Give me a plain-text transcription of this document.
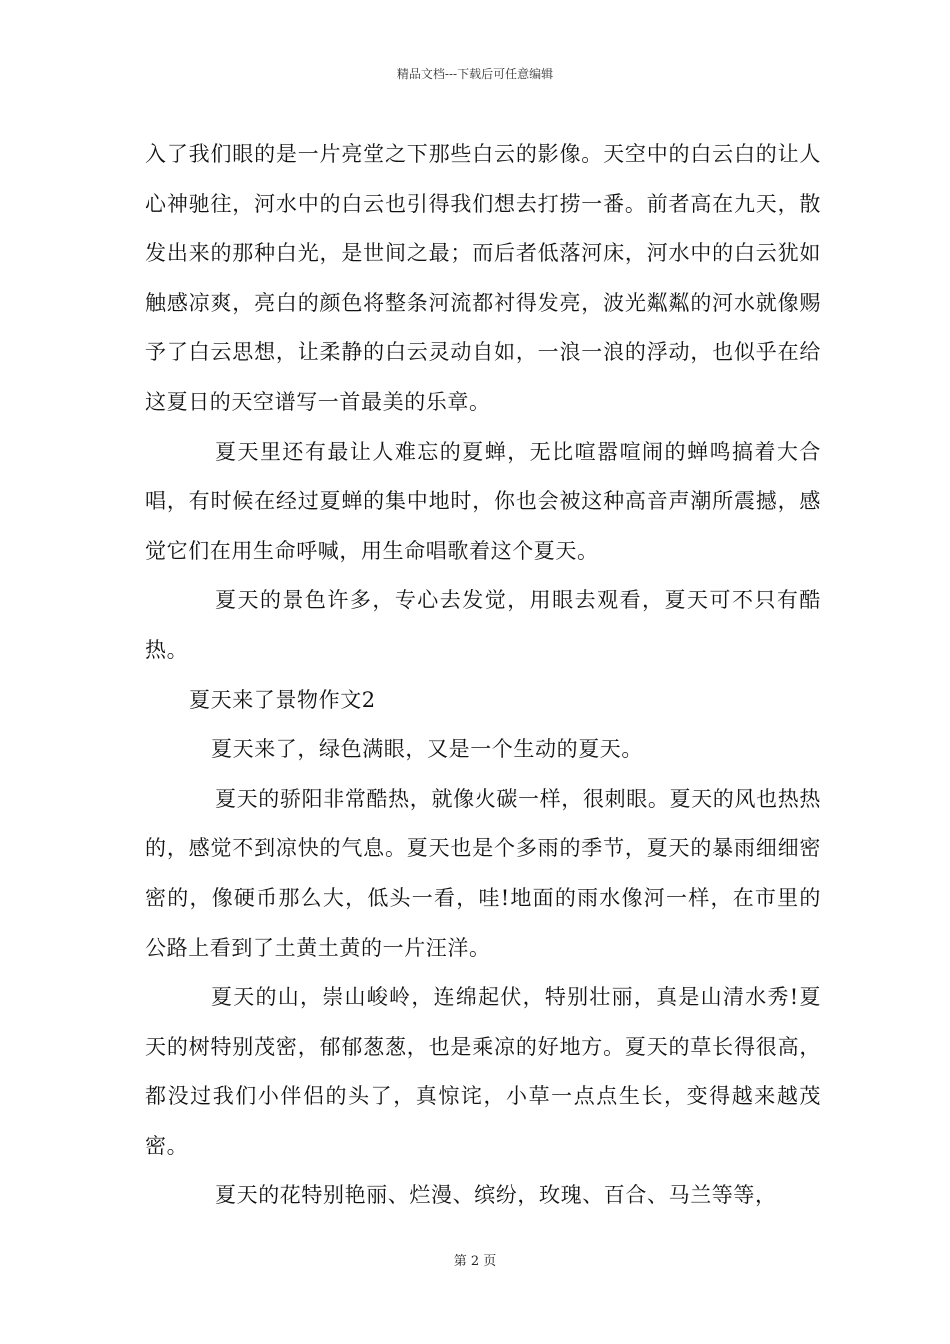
精品文档---下载后可任意编辑

入了我们眼的是一片亮堂之下那些白云的影像。天空中的白云白的让人心神驰往，河水中的白云也引得我们想去打捞一番。前者高在九天，散发出来的那种白光，是世间之最；而后者低落河床，河水中的白云犹如触感凉爽，亮白的颜色将整条河流都衬得发亮，波光粼粼的河水就像赐予了白云思想，让柔静的白云灵动自如，一浪一浪的浮动，也似乎在给这夏日的天空谱写一首最美的乐章。

夏天里还有最让人难忘的夏蝉，无比喧嚣喧闹的蝉鸣搞着大合唱，有时候在经过夏蝉的集中地时，你也会被这种高音声潮所震撼，感觉它们在用生命呼喊，用生命唱歌着这个夏天。

夏天的景色许多，专心去发觉，用眼去观看，夏天可不只有酷热。

夏天来了景物作文2

夏天来了，绿色满眼，又是一个生动的夏天。

夏天的骄阳非常酷热，就像火碳一样，很刺眼。夏天的风也热热的，感觉不到凉快的气息。夏天也是个多雨的季节，夏天的暴雨细细密密的，像硬币那么大，低头一看，哇!地面的雨水像河一样，在市里的公路上看到了土黄土黄的一片汪洋。

夏天的山，崇山峻岭，连绵起伏，特别壮丽，真是山清水秀!夏天的树特别茂密，郁郁葱葱，也是乘凉的好地方。夏天的草长得很高，都没过我们小伴侣的头了，真惊诧，小草一点点生长，变得越来越茂密。

夏天的花特别艳丽、烂漫、缤纷，玫瑰、百合、马兰等等，

第 2 页
